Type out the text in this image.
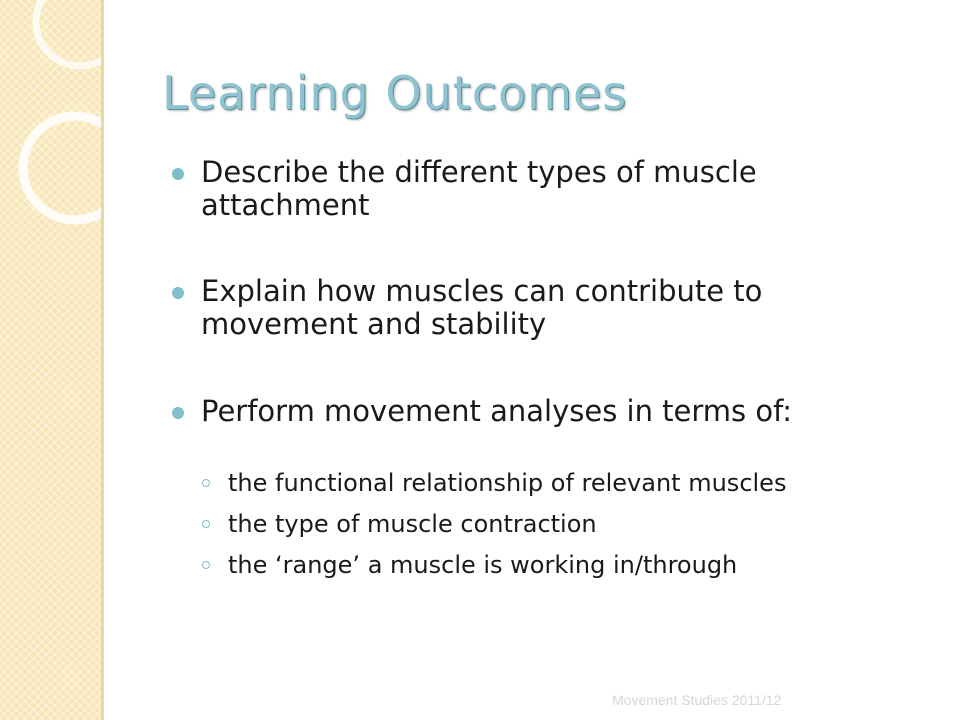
Learning Outcomes
Describe the different types of muscle attachment
Explain how muscles can contribute to movement and stability
Perform movement analyses in terms of:
the functional relationship of relevant muscles
the type of muscle contraction
the ‘range’ a muscle is working in/through
Movement Studies 2011/12
